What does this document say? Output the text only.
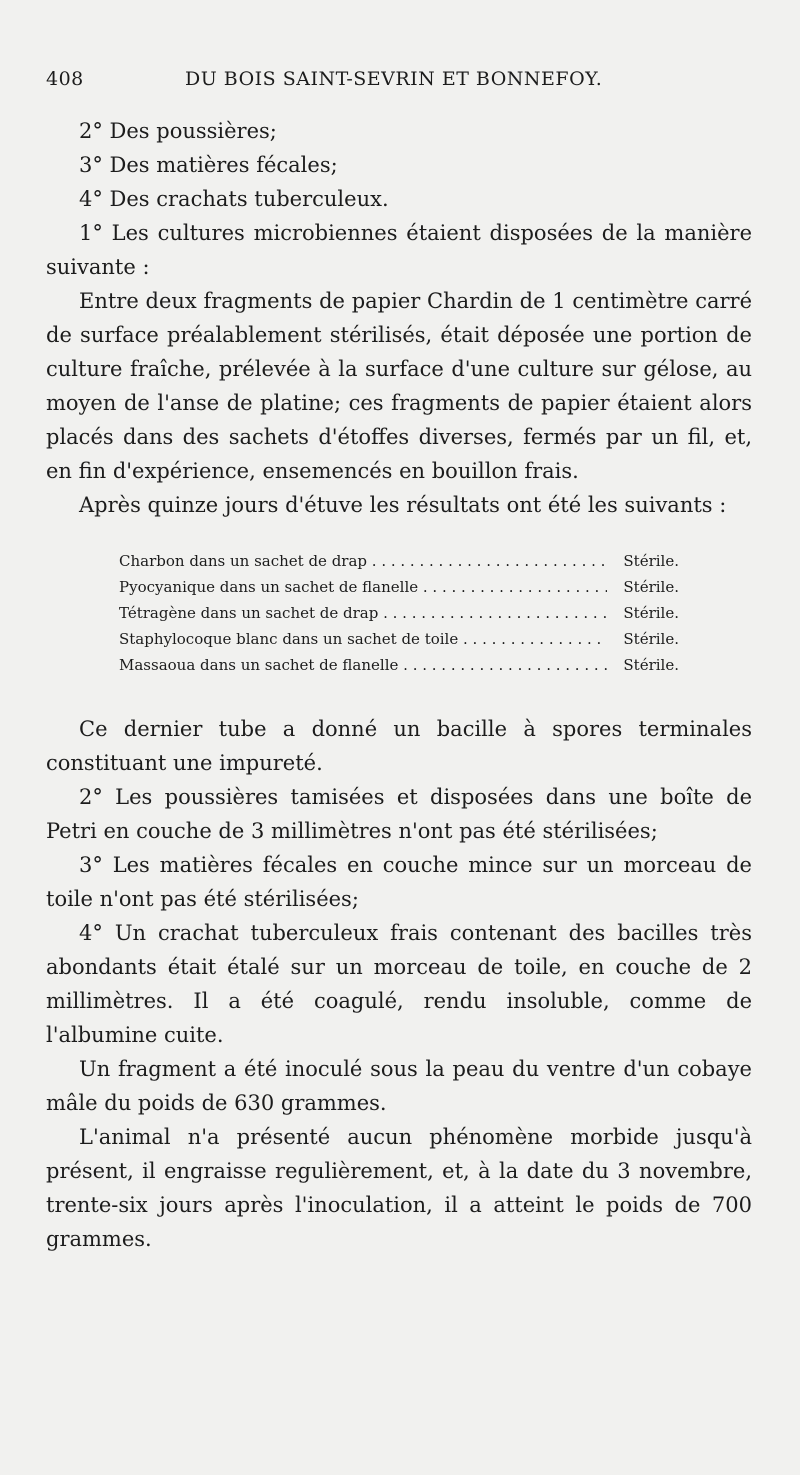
408	DU BOIS SAINT-SEVRIN ET BONNEFOY.

2° Des poussières;

3° Des matières fécales;

4° Des crachats tuberculeux.

1° Les cultures microbiennes étaient disposées de la manière suivante :

Entre deux fragments de papier Chardin de 1 centimètre carré de surface préalablement stérilisés, était déposée une portion de culture fraîche, prélevée à la surface d'une culture sur gélose, au moyen de l'anse de platine; ces fragments de papier étaient alors placés dans des sachets d'étoffes diverses, fermés par un fil, et, en fin d'expérience, ensemencés en bouillon frais.

Après quinze jours d'étuve les résultats ont été les suivants :

Charbon dans un sachet de drap . . .	Stérile.
Pyocyanique dans un sachet de flanelle . . .	Stérile.
Tétragène dans un sachet de drap . . .	Stérile.
Staphylocoque blanc dans un sachet de toile . . .	Stérile.
Massaoua dans un sachet de flanelle . . .	Stérile.

Ce dernier tube a donné un bacille à spores terminales constituant une impureté.

2° Les poussières tamisées et disposées dans une boîte de Petri en couche de 3 millimètres n'ont pas été stérilisées;

3° Les matières fécales en couche mince sur un morceau de toile n'ont pas été stérilisées;

4° Un crachat tuberculeux frais contenant des bacilles très abondants était étalé sur un morceau de toile, en couche de 2 millimètres. Il a été coagulé, rendu insoluble, comme de l'albumine cuite.

Un fragment a été inoculé sous la peau du ventre d'un cobaye mâle du poids de 630 grammes.

L'animal n'a présenté aucun phénomène morbide jusqu'à présent, il engraisse regulièrement, et, à la date du 3 novembre, trente-six jours après l'inoculation, il a atteint le poids de 700 grammes.
